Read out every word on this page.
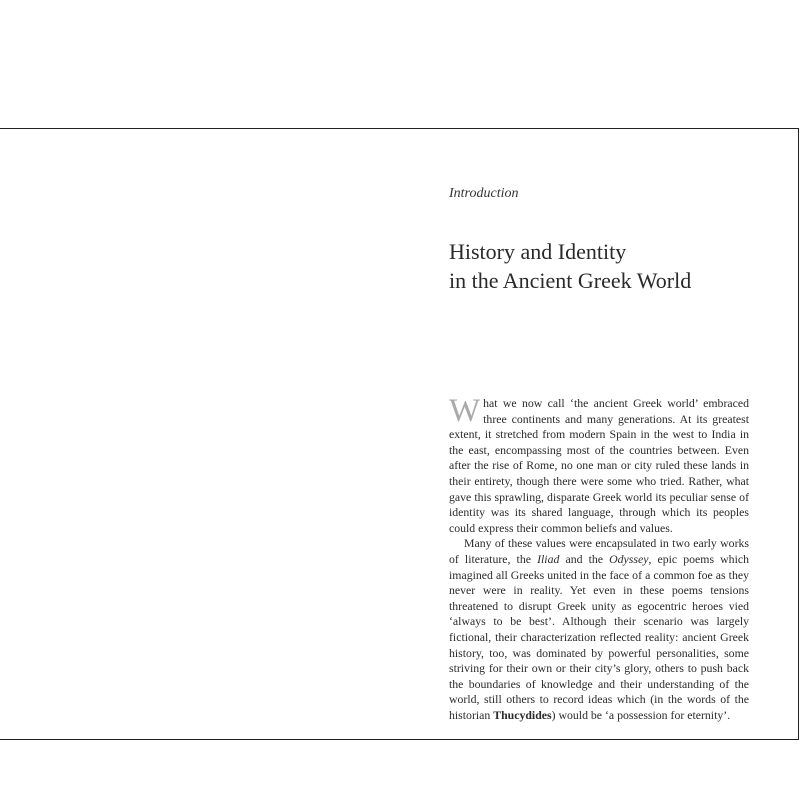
Introduction
History and Identity
in the Ancient Greek World

What we now call ‘the ancient Greek world’ embraced three continents and many generations. At its greatest extent, it stretched from modern Spain in the west to India in the east, encompassing most of the countries between. Even after the rise of Rome, no one man or city ruled these lands in their entirety, though there were some who tried. Rather, what gave this sprawling, disparate Greek world its peculiar sense of identity was its shared language, through which its peoples could express their common beliefs and values.

Many of these values were encapsulated in two early works of literature, the Iliad and the Odyssey, epic poems which imagined all Greeks united in the face of a common foe as they never were in reality. Yet even in these poems tensions threatened to disrupt Greek unity as egocentric heroes vied ‘always to be best’. Although their scenario was largely fictional, their characterization reflected reality: ancient Greek history, too, was dominated by powerful personalities, some striving for their own or their city’s glory, others to push back the boundaries of knowledge and their understanding of the world, still others to record ideas which (in the words of the historian Thucydides) would be ‘a possession for eternity’.
